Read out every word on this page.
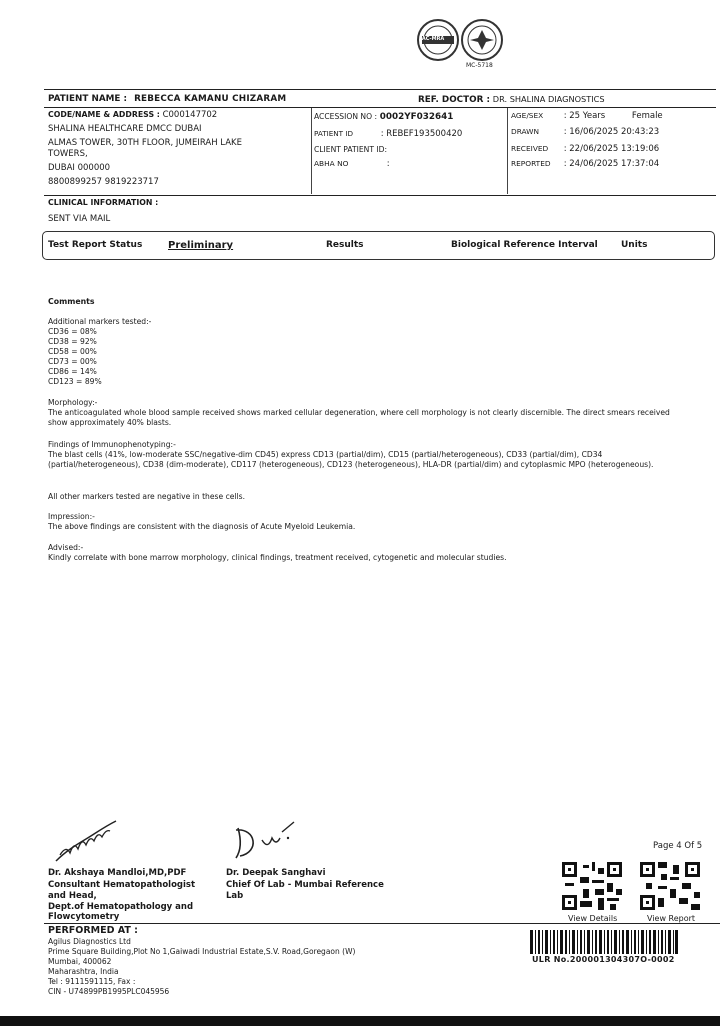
IAC-MRA
MC-5718
PATIENT NAME : REBECCA KAMANU CHIZARAM	REF. DOCTOR : DR. SHALINA DIAGNOSTICS
CODE/NAME & ADDRESS : C000147702
SHALINA HEALTHCARE DMCC DUBAI
ALMAS TOWER, 30TH FLOOR, JUMEIRAH LAKE
TOWERS,
DUBAI 000000
8800899257 9819223717
ACCESSION NO : 0002YF032641
PATIENT ID	: REBEF193500420
CLIENT PATIENT ID:
ABHA NO	:
AGE/SEX : 25 Years	Female
DRAWN	: 16/06/2025 20:43:23
RECEIVED : 22/06/2025 13:19:06
REPORTED : 24/06/2025 17:37:04
CLINICAL INFORMATION :
SENT VIA MAIL
Test Report Status	Preliminary	Results	Biological Reference Interval	Units
Comments
Additional markers tested:-
CD36 = 08%
CD38 = 92%
CD58 = 00%
CD73 = 00%
CD86 = 14%
CD123 = 89%
Morphology:-
The anticoagulated whole blood sample received shows marked cellular degeneration, where cell morphology is not clearly discernible. The direct smears received show approximately 40% blasts.
Findings of Immunophenotyping:-
The blast cells (41%, low-moderate SSC/negative-dim CD45) express CD13 (partial/dim), CD15 (partial/heterogeneous), CD33 (partial/dim), CD34 (partial/heterogeneous), CD38 (dim-moderate), CD117 (heterogeneous), CD123 (heterogeneous), HLA-DR (partial/dim) and cytoplasmic MPO (heterogeneous).
All other markers tested are negative in these cells.
Impression:-
The above findings are consistent with the diagnosis of Acute Myeloid Leukemia.
Advised:-
Kindly correlate with bone marrow morphology, clinical findings, treatment received, cytogenetic and molecular studies.
Dr. Akshaya Mandloi,MD,PDF
Consultant Hematopathologist
and Head,
Dept.of Hematopathology and
Flowcytometry
Dr. Deepak Sanghavi
Chief Of Lab - Mumbai Reference
Lab
Page 4 Of 5
View Details	View Report
PERFORMED AT :
Agilus Diagnostics Ltd
Prime Square Building,Plot No 1,Gaiwadi Industrial Estate,S.V. Road,Goregaon (W)
Mumbai, 400062
Maharashtra, India
Tel : 9111591115, Fax :
CIN - U74899PB1995PLC045956
ULR No.200001304307O-0002
